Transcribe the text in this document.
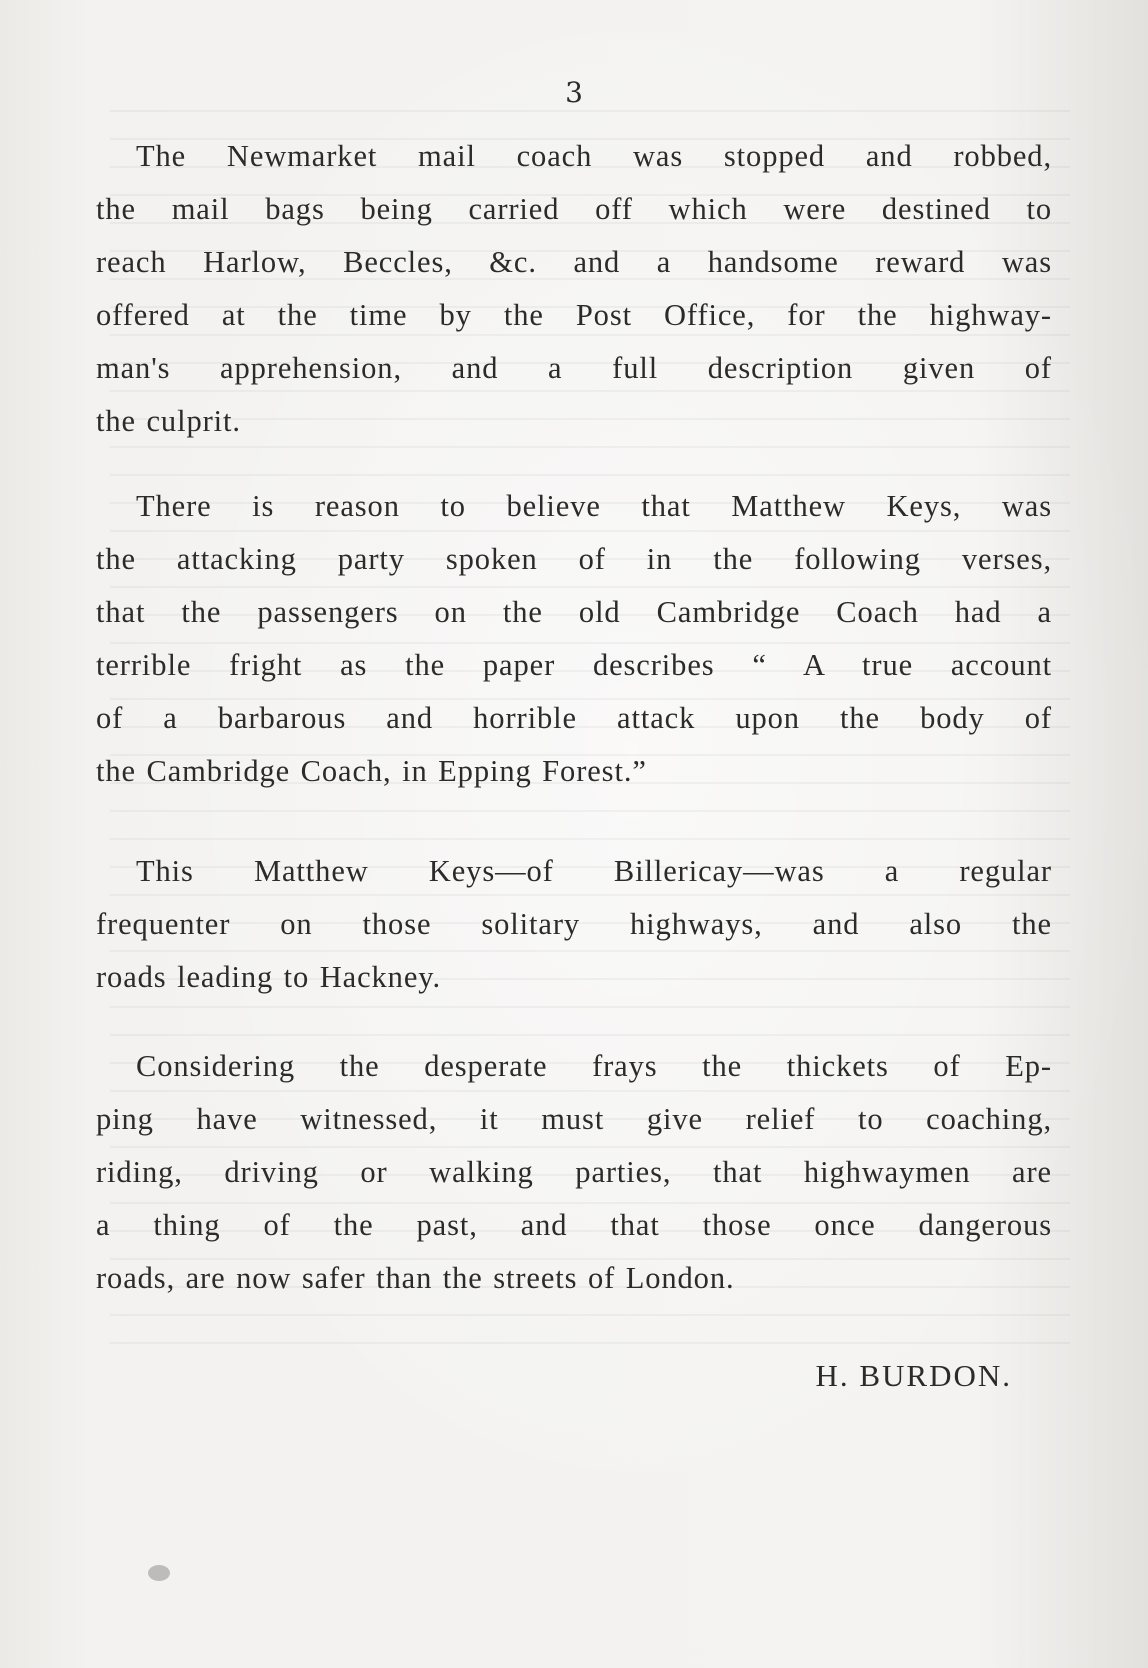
3

The Newmarket mail coach was stopped and robbed,
the mail bags being carried off which were destined to
reach Harlow, Beccles, &c. and a handsome reward was
offered at the time by the Post Office, for the highway-
man's apprehension, and a full description given of
the culprit.

There is reason to believe that Matthew Keys, was
the attacking party spoken of in the following verses,
that the passengers on the old Cambridge Coach had a
terrible fright as the paper describes “ A true account
of a barbarous and horrible attack upon the body of
the Cambridge Coach, in Epping Forest.”

This Matthew Keys—of Billericay—was a regular
frequenter on those solitary highways, and also the
roads leading to Hackney.

Considering the desperate frays the thickets of Ep-
ping have witnessed, it must give relief to coaching,
riding, driving or walking parties, that highwaymen are
a thing of the past, and that those once dangerous
roads, are now safer than the streets of London.

H. BURDON.
